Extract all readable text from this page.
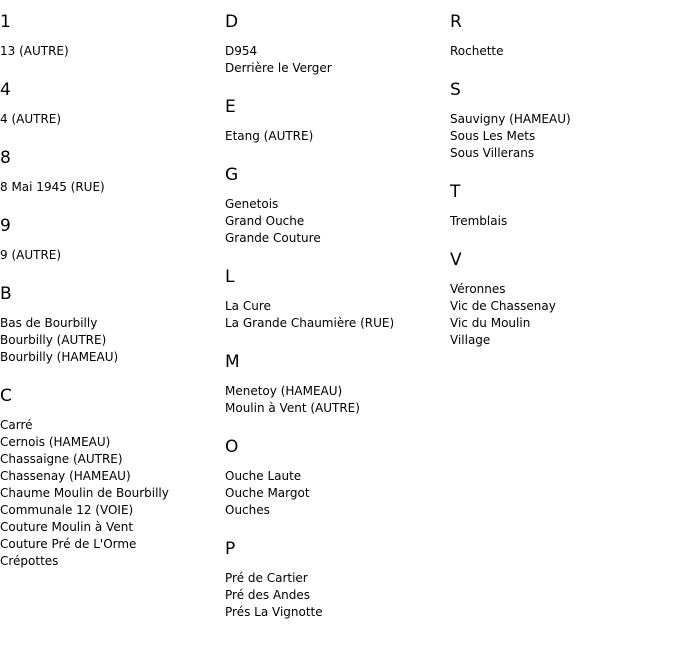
1
13 (AUTRE)
4
4 (AUTRE)
8
8 Mai 1945 (RUE)
9
9 (AUTRE)
B
Bas de Bourbilly
Bourbilly (AUTRE)
Bourbilly (HAMEAU)
C
Carré
Cernois (HAMEAU)
Chassaigne (AUTRE)
Chassenay (HAMEAU)
Chaume Moulin de Bourbilly
Communale 12 (VOIE)
Couture Moulin à Vent
Couture Pré de L'Orme
Crépottes
D
D954
Derrière le Verger
E
Etang (AUTRE)
G
Genetois
Grand Ouche
Grande Couture
L
La Cure
La Grande Chaumière (RUE)
M
Menetoy (HAMEAU)
Moulin à Vent (AUTRE)
O
Ouche Laute
Ouche Margot
Ouches
P
Pré de Cartier
Pré des Andes
Prés La Vignotte
R
Rochette
S
Sauvigny (HAMEAU)
Sous Les Mets
Sous Villerans
T
Tremblais
V
Véronnes
Vic de Chassenay
Vic du Moulin
Village
